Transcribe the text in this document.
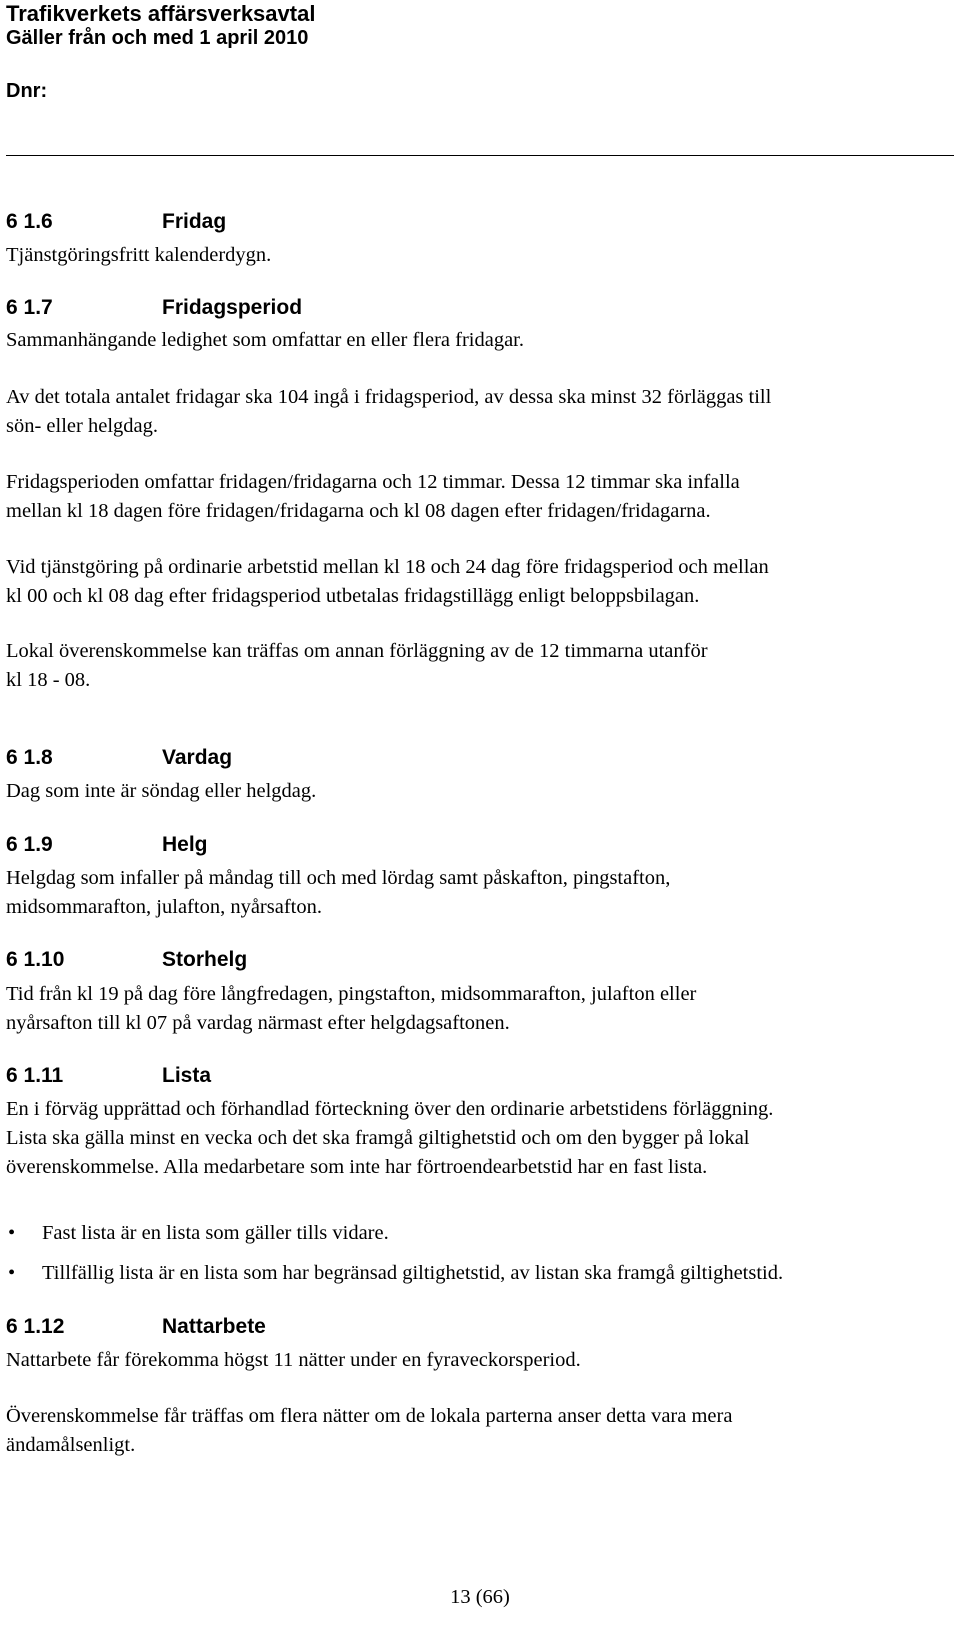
Trafikverkets affärsverksavtal
Gäller från och med 1 april 2010
Dnr:
6 1.6	Fridag
Tjänstgöringsfritt kalenderdygn.
6 1.7	Fridagsperiod
Sammanhängande ledighet som omfattar en eller flera fridagar.
Av det totala antalet fridagar ska 104 ingå i fridagsperiod, av dessa ska minst 32 förläggas till
sön- eller helgdag.
Fridagsperioden omfattar fridagen/fridagarna och 12 timmar. Dessa 12 timmar ska infalla
mellan kl 18 dagen före fridagen/fridagarna och kl 08 dagen efter fridagen/fridagarna.
Vid tjänstgöring på ordinarie arbetstid mellan kl 18 och 24 dag före fridagsperiod och mellan
kl 00 och kl 08 dag efter fridagsperiod utbetalas fridagstillägg enligt beloppsbilagan.
Lokal överenskommelse kan träffas om annan förläggning av de 12 timmarna utanför
kl 18 - 08.
6 1.8	Vardag
Dag som inte är söndag eller helgdag.
6 1.9	Helg
Helgdag som infaller på måndag till och med lördag samt påskafton, pingstafton,
midsommarafton, julafton, nyårsafton.
6 1.10	Storhelg
Tid från kl 19 på dag före långfredagen, pingstafton, midsommarafton, julafton eller
nyårsafton till kl 07 på vardag närmast efter helgdagsaftonen.
6 1.11	Lista
En i förväg upprättad och förhandlad förteckning över den ordinarie arbetstidens förläggning.
Lista ska gälla minst en vecka och det ska framgå giltighetstid och om den bygger på lokal
överenskommelse. Alla medarbetare som inte har förtroendearbetstid har en fast lista.
• Fast lista är en lista som gäller tills vidare.
• Tillfällig lista är en lista som har begränsad giltighetstid, av listan ska framgå giltighetstid.
6 1.12	Nattarbete
Nattarbete får förekomma högst 11 nätter under en fyraveckorsperiod.
Överenskommelse får träffas om flera nätter om de lokala parterna anser detta vara mera
ändamålsenligt.
13 (66)
